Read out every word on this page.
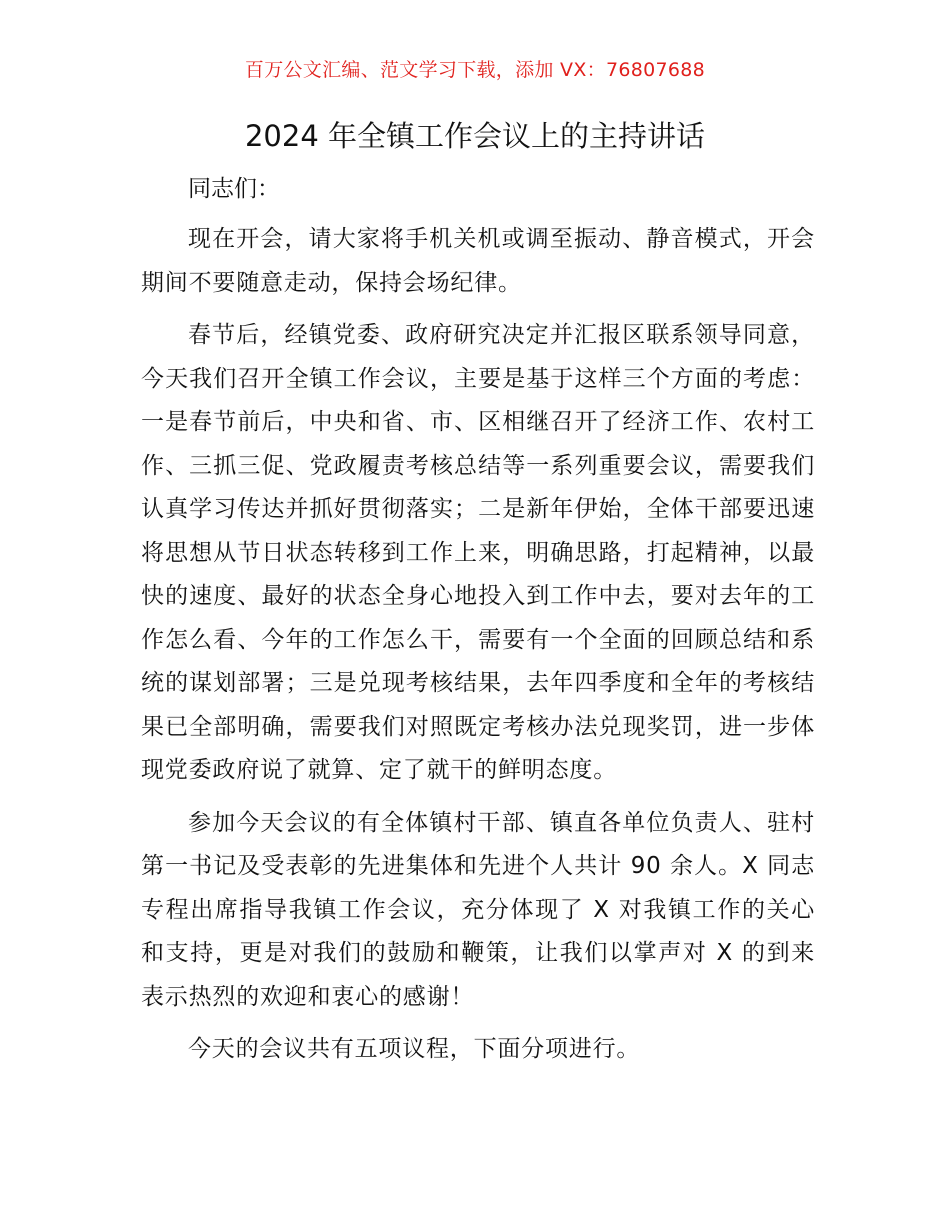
百万公文汇编、范文学习下载，添加 VX：76807688
2024 年全镇工作会议上的主持讲话

同志们：

现在开会，请大家将手机关机或调至振动、静音模式，开会期间不要随意走动，保持会场纪律。

春节后，经镇党委、政府研究决定并汇报区联系领导同意，今天我们召开全镇工作会议，主要是基于这样三个方面的考虑：一是春节前后，中央和省、市、区相继召开了经济工作、农村工作、三抓三促、党政履责考核总结等一系列重要会议，需要我们认真学习传达并抓好贯彻落实；二是新年伊始，全体干部要迅速将思想从节日状态转移到工作上来，明确思路，打起精神，以最快的速度、最好的状态全身心地投入到工作中去，要对去年的工作怎么看、今年的工作怎么干，需要有一个全面的回顾总结和系统的谋划部署；三是兑现考核结果，去年四季度和全年的考核结果已全部明确，需要我们对照既定考核办法兑现奖罚，进一步体现党委政府说了就算、定了就干的鲜明态度。

参加今天会议的有全体镇村干部、镇直各单位负责人、驻村第一书记及受表彰的先进集体和先进个人共计 90 余人。X 同志专程出席指导我镇工作会议，充分体现了 X 对我镇工作的关心和支持，更是对我们的鼓励和鞭策，让我们以掌声对 X 的到来表示热烈的欢迎和衷心的感谢！

今天的会议共有五项议程，下面分项进行。
